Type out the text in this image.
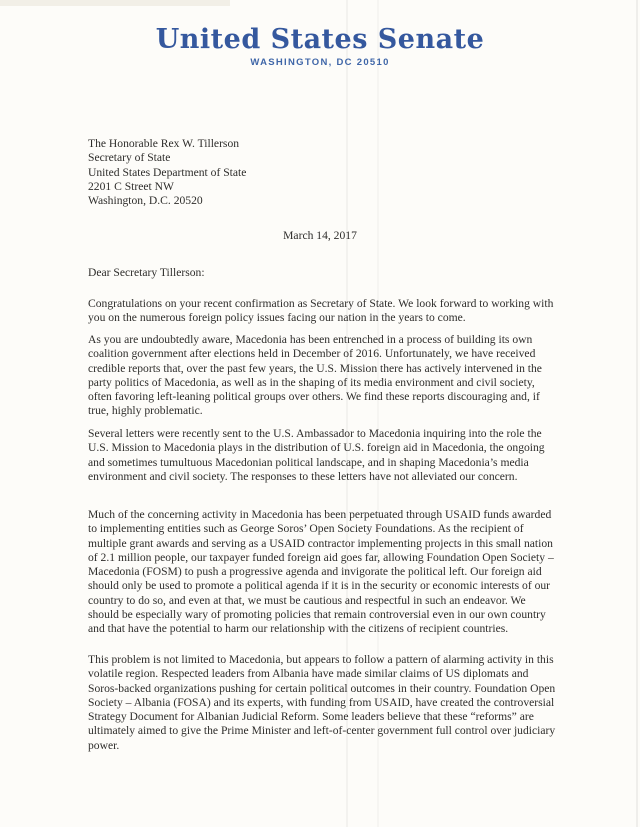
United States Senate
WASHINGTON, DC 20510
The Honorable Rex W. Tillerson
Secretary of State
United States Department of State
2201 C Street NW
Washington, D.C. 20520
March 14, 2017
Dear Secretary Tillerson:
Congratulations on your recent confirmation as Secretary of State. We look forward to working with you on the numerous foreign policy issues facing our nation in the years to come.
As you are undoubtedly aware, Macedonia has been entrenched in a process of building its own coalition government after elections held in December of 2016. Unfortunately, we have received credible reports that, over the past few years, the U.S. Mission there has actively intervened in the party politics of Macedonia, as well as in the shaping of its media environment and civil society, often favoring left-leaning political groups over others. We find these reports discouraging and, if true, highly problematic.
Several letters were recently sent to the U.S. Ambassador to Macedonia inquiring into the role the U.S. Mission to Macedonia plays in the distribution of U.S. foreign aid in Macedonia, the ongoing and sometimes tumultuous Macedonian political landscape, and in shaping Macedonia’s media environment and civil society. The responses to these letters have not alleviated our concern.
Much of the concerning activity in Macedonia has been perpetuated through USAID funds awarded to implementing entities such as George Soros’ Open Society Foundations. As the recipient of multiple grant awards and serving as a USAID contractor implementing projects in this small nation of 2.1 million people, our taxpayer funded foreign aid goes far, allowing Foundation Open Society – Macedonia (FOSM) to push a progressive agenda and invigorate the political left. Our foreign aid should only be used to promote a political agenda if it is in the security or economic interests of our country to do so, and even at that, we must be cautious and respectful in such an endeavor. We should be especially wary of promoting policies that remain controversial even in our own country and that have the potential to harm our relationship with the citizens of recipient countries.
This problem is not limited to Macedonia, but appears to follow a pattern of alarming activity in this volatile region. Respected leaders from Albania have made similar claims of US diplomats and Soros-backed organizations pushing for certain political outcomes in their country. Foundation Open Society – Albania (FOSA) and its experts, with funding from USAID, have created the controversial Strategy Document for Albanian Judicial Reform. Some leaders believe that these “reforms” are ultimately aimed to give the Prime Minister and left-of-center government full control over judiciary power.
